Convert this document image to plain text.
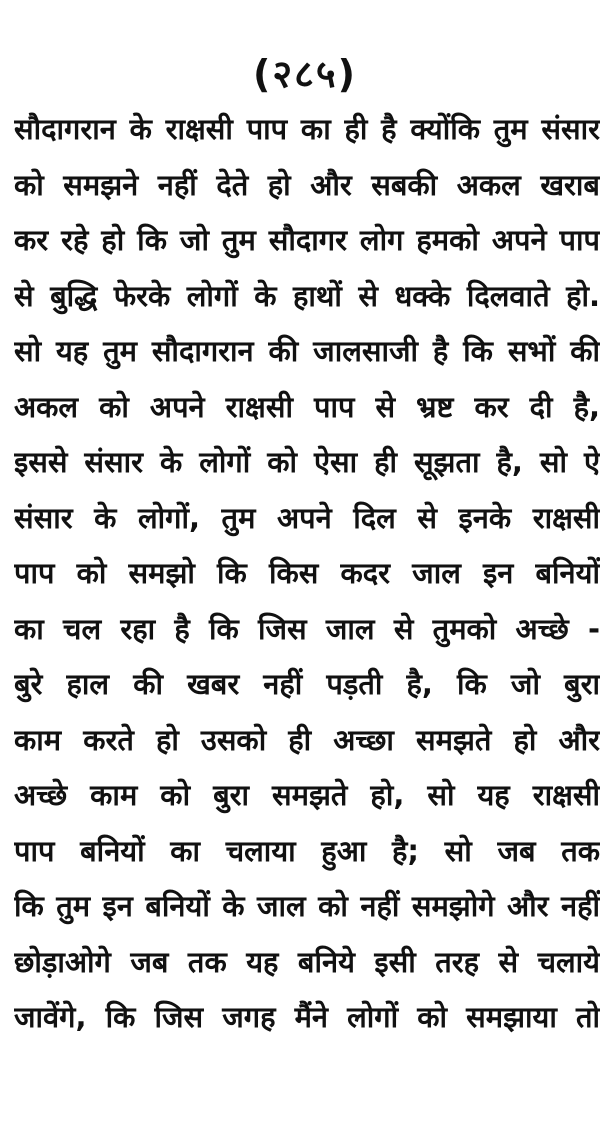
(२८५)
सौदागरान के राक्षसी पाप का ही है क्योंकि तुम संसार
को समझने नहीं देते हो और सबकी अकल खराब
कर रहे हो कि जो तुम सौदागर लोग हमको अपने पाप
से बुद्धि फेरके लोगों के हाथों से धक्के दिलवाते हो.
सो यह तुम सौदागरान की जालसाजी है कि सभों की
अकल को अपने राक्षसी पाप से भ्रष्ट कर दी है,
इससे संसार के लोगों को ऐसा ही सूझता है, सो ऐ
संसार के लोगों, तुम अपने दिल से इनके राक्षसी
पाप को समझो कि किस कदर जाल इन बनियों
का चल रहा है कि जिस जाल से तुमको अच्छे -
बुरे हाल की खबर नहीं पड़ती है, कि जो बुरा
काम करते हो उसको ही अच्छा समझते हो और
अच्छे काम को बुरा समझते हो, सो यह राक्षसी
पाप बनियों का चलाया हुआ है; सो जब तक
कि तुम इन बनियों के जाल को नहीं समझोगे और नहीं
छोड़ाओगे जब तक यह बनिये इसी तरह से चलाये
जावेंगे, कि जिस जगह मैंने लोगों को समझाया तो
